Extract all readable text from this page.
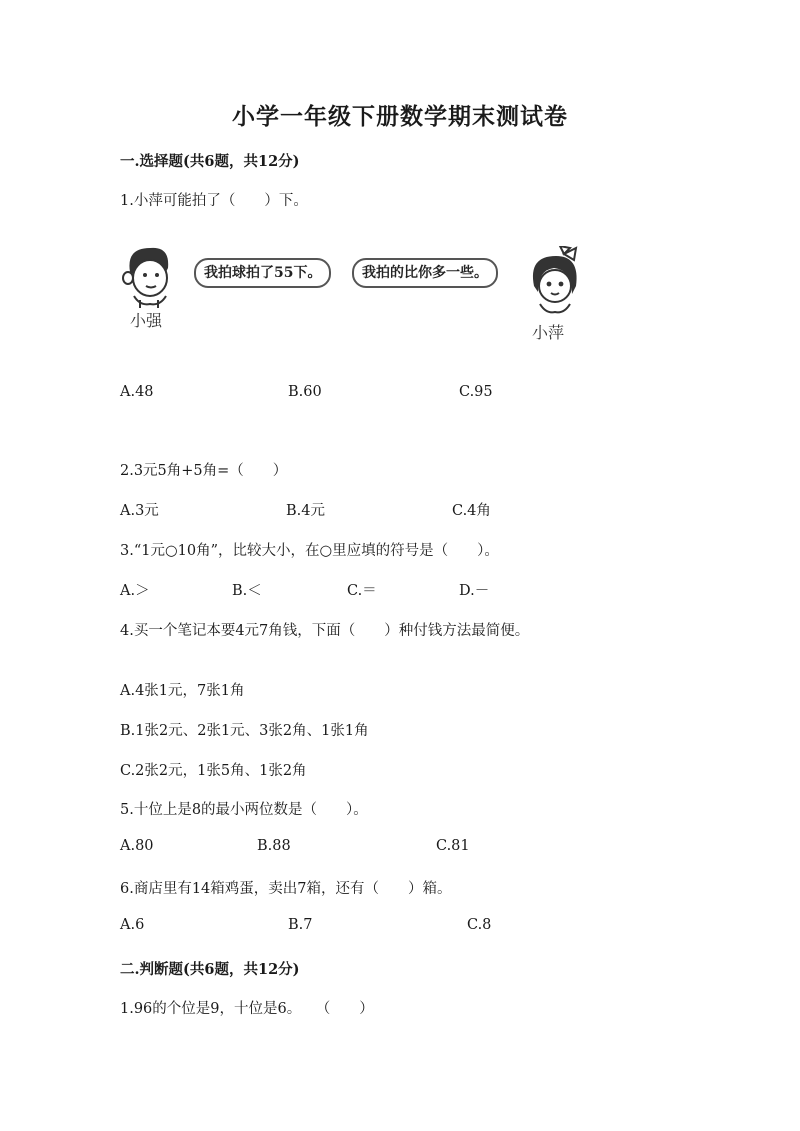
小学一年级下册数学期末测试卷
一.选择题(共6题，共12分)
1.小萍可能拍了（　　）下。
小强
我拍球拍了55下。	我拍的比你多一些。
小萍
A.48	B.60	C.95
2.3元5角+5角=（　　）
A.3元	B.4元	C.4角
3.“1元○10角”，比较大小，在○里应填的符号是（　　）。
A.＞	B.＜	C.＝	D.－
4.买一个笔记本要4元7角钱，下面（　　）种付钱方法最简便。
A.4张1元，7张1角
B.1张2元、2张1元、3张2角、1张1角
C.2张2元，1张5角、1张2角
5.十位上是8的最小两位数是（　　）。
A.80	B.88	C.81
6.商店里有14箱鸡蛋，卖出7箱，还有（　　）箱。
A.6	B.7	C.8
二.判断题(共6题，共12分)
1.96的个位是9，十位是6。　　（　　）
